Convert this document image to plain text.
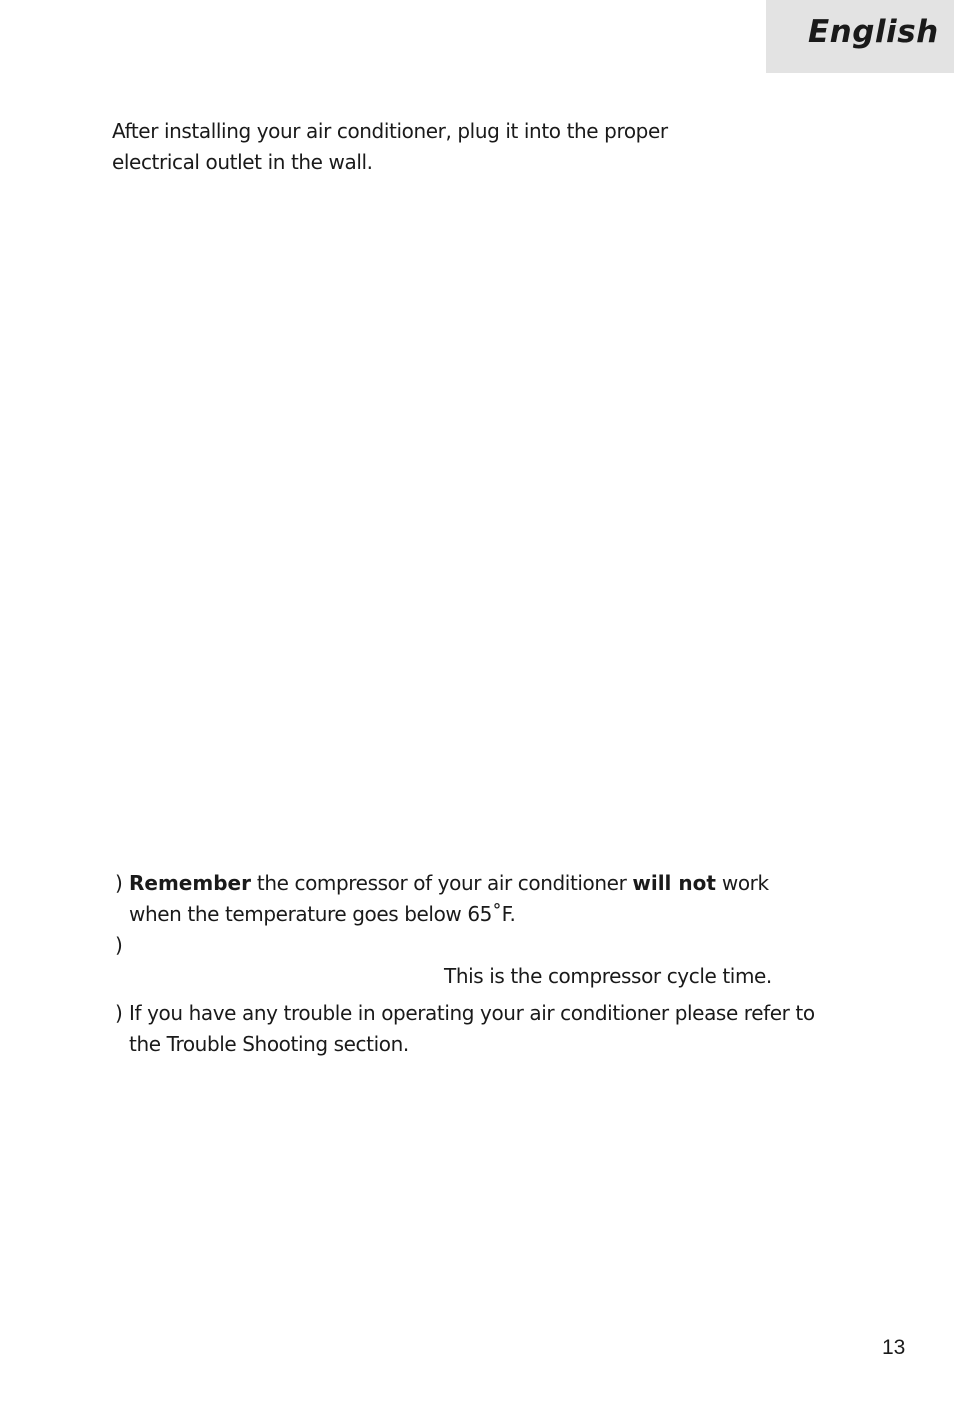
English
After installing your air conditioner, plug it into the proper
electrical outlet in the wall.
) Remember the compressor of your air conditioner will not work
when the temperature goes below 65˚F.
)
This is the compressor cycle time.
) If you have any trouble in operating your air conditioner please refer to
the Trouble Shooting section.
13
